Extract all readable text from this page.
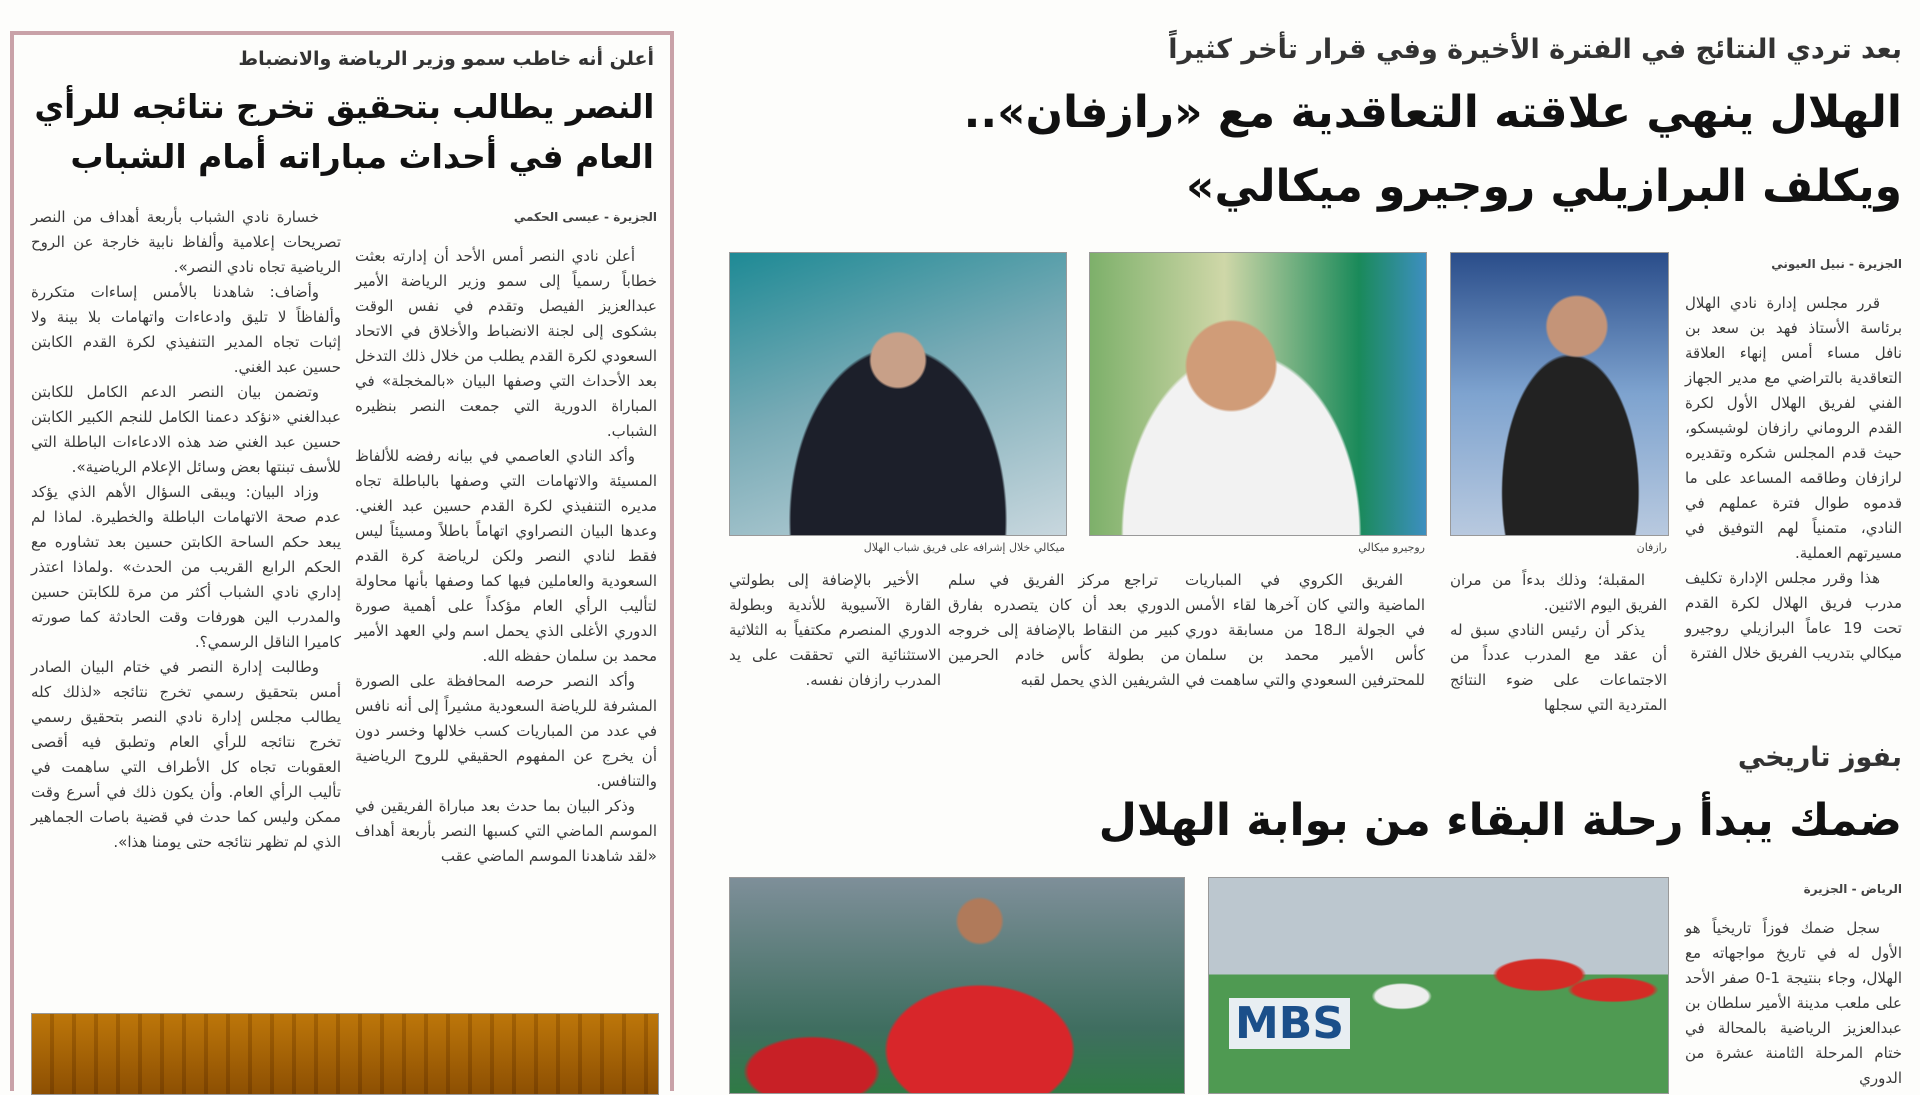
أعلن أنه خاطب سمو وزير الرياضة والانضباط
النصر يطالب بتحقيق تخرج نتائجه للرأي
العام في أحداث مباراته أمام الشباب

الجزيرة - عيسى الحكمي

أعلن نادي النصر أمس الأحد أن إدارته بعثت خطاباً رسمياً إلى سمو وزير الرياضة الأمير عبدالعزيز الفيصل وتقدم في نفس الوقت بشكوى إلى لجنة الانضباط والأخلاق في الاتحاد السعودي لكرة القدم يطلب من خلال ذلك التدخل بعد الأحداث التي وصفها البيان «بالمخجلة» في المباراة الدورية التي جمعت النصر بنظيره الشباب.

وأكد النادي العاصمي في بيانه رفضه للألفاظ المسيئة والاتهامات التي وصفها بالباطلة تجاه مديره التنفيذي لكرة القدم حسين عبد الغني. وعدها البيان النصراوي اتهاماً باطلاً ومسيئاً ليس فقط لنادي النصر ولكن لرياضة كرة القدم السعودية والعاملين فيها كما وصفها بأنها محاولة لتأليب الرأي العام مؤكداً على أهمية صورة الدوري الأغلى الذي يحمل اسم ولي العهد الأمير محمد بن سلمان حفظه الله.

وأكد النصر حرصه المحافظة على الصورة المشرفة للرياضة السعودية مشيراً إلى أنه نافس في عدد من المباريات كسب خلالها وخسر دون أن يخرج عن المفهوم الحقيقي للروح الرياضية والتنافس.

وذكر البيان بما حدث بعد مباراة الفريقين في الموسم الماضي التي كسبها النصر بأربعة أهداف «لقد شاهدنا الموسم الماضي عقب

خسارة نادي الشباب بأربعة أهداف من النصر تصريحات إعلامية وألفاظ نابية خارجة عن الروح الرياضية تجاه نادي النصر».

وأضاف: شاهدنا بالأمس إساءات متكررة وألفاظاً لا تليق وادعاءات واتهامات بلا بينة ولا إثبات تجاه المدير التنفيذي لكرة القدم الكابتن حسين عبد الغني.

وتضمن بيان النصر الدعم الكامل للكابتن عبدالغني «نؤكد دعمنا الكامل للنجم الكبير الكابتن حسين عبد الغني ضد هذه الادعاءات الباطلة التي للأسف تبنتها بعض وسائل الإعلام الرياضية».

وزاد البيان: ويبقى السؤال الأهم الذي يؤكد عدم صحة الاتهامات الباطلة والخطيرة. لماذا لم يبعد حكم الساحة الكابتن حسين بعد تشاوره مع الحكم الرابع القريب من الحدث» .ولماذا اعتذر إداري نادي الشباب أكثر من مرة للكابتن حسين والمدرب الين هورفات وقت الحادثة كما صورته كاميرا الناقل الرسمي؟.

وطالبت إدارة النصر في ختام البيان الصادر أمس بتحقيق رسمي تخرج نتائجه «لذلك كله يطالب مجلس إدارة نادي النصر بتحقيق رسمي تخرج نتائجه للرأي العام وتطبق فيه أقصى العقوبات تجاه كل الأطراف التي ساهمت في تأليب الرأي العام. وأن يكون ذلك في أسرع وقت ممكن وليس كما حدث في قضية باصات الجماهير الذي لم تظهر نتائجه حتى يومنا هذا».

بعد تردي النتائج في الفترة الأخيرة وفي قرار تأخر كثيراً
الهلال ينهي علاقته التعاقدية مع «رازفان»..
ويكلف البرازيلي روجيرو ميكالي»
ميكالي خلال إشرافه على فريق شباب الهلال	روجيرو ميكالي	رازفان

الجزيرة - نبيل العيوني

قرر مجلس إدارة نادي الهلال برئاسة الأستاذ فهد بن سعد بن نافل مساء أمس إنهاء العلاقة التعاقدية بالتراضي مع مدير الجهاز الفني لفريق الهلال الأول لكرة القدم الروماني رازفان لوشيسكو، حيث قدم المجلس شكره وتقديره لرازفان وطاقمه المساعد على ما قدموه طوال فترة عملهم في النادي، متمنياً لهم التوفيق في مسيرتهم العملية.

هذا وقرر مجلس الإدارة تكليف مدرب فريق الهلال لكرة القدم تحت 19 عاماً البرازيلي روجيرو ميكالي بتدريب الفريق خلال الفترة

المقبلة؛ وذلك بدءاً من مران الفريق اليوم الاثنين.

يذكر أن رئيس النادي سبق له أن عقد مع المدرب عدداً من الاجتماعات على ضوء النتائج المتردية التي سجلها

الفريق الكروي في المباريات الماضية والتي كان آخرها لقاء الأمس في الجولة الـ18 من مسابقة دوري كأس الأمير محمد بن سلمان للمحترفين السعودي والتي ساهمت في

تراجع مركز الفريق في سلم الدوري بعد أن كان يتصدره بفارق كبير من النقاط بالإضافة إلى خروجه من بطولة كأس خادم الحرمين الشريفين الذي يحمل لقبه

الأخير بالإضافة إلى بطولتي القارة الآسيوية للأندية وبطولة الدوري المنصرم مكتفياً به الثلاثية الاستثنائية التي تحققت على يد المدرب رازفان نفسه.

بفوز تاريخي
ضمك يبدأ رحلة البقاء من بوابة الهلال
MBS

الرياض - الجزيرة

سجل ضمك فوزاً تاريخياً هو الأول له في تاريخ مواجهاته مع الهلال، وجاء بنتيجة 1-0 صفر الأحد على ملعب مدينة الأمير سلطان بن عبدالعزيز الرياضية بالمحالة في ختام المرحلة الثامنة عشرة من الدوري
